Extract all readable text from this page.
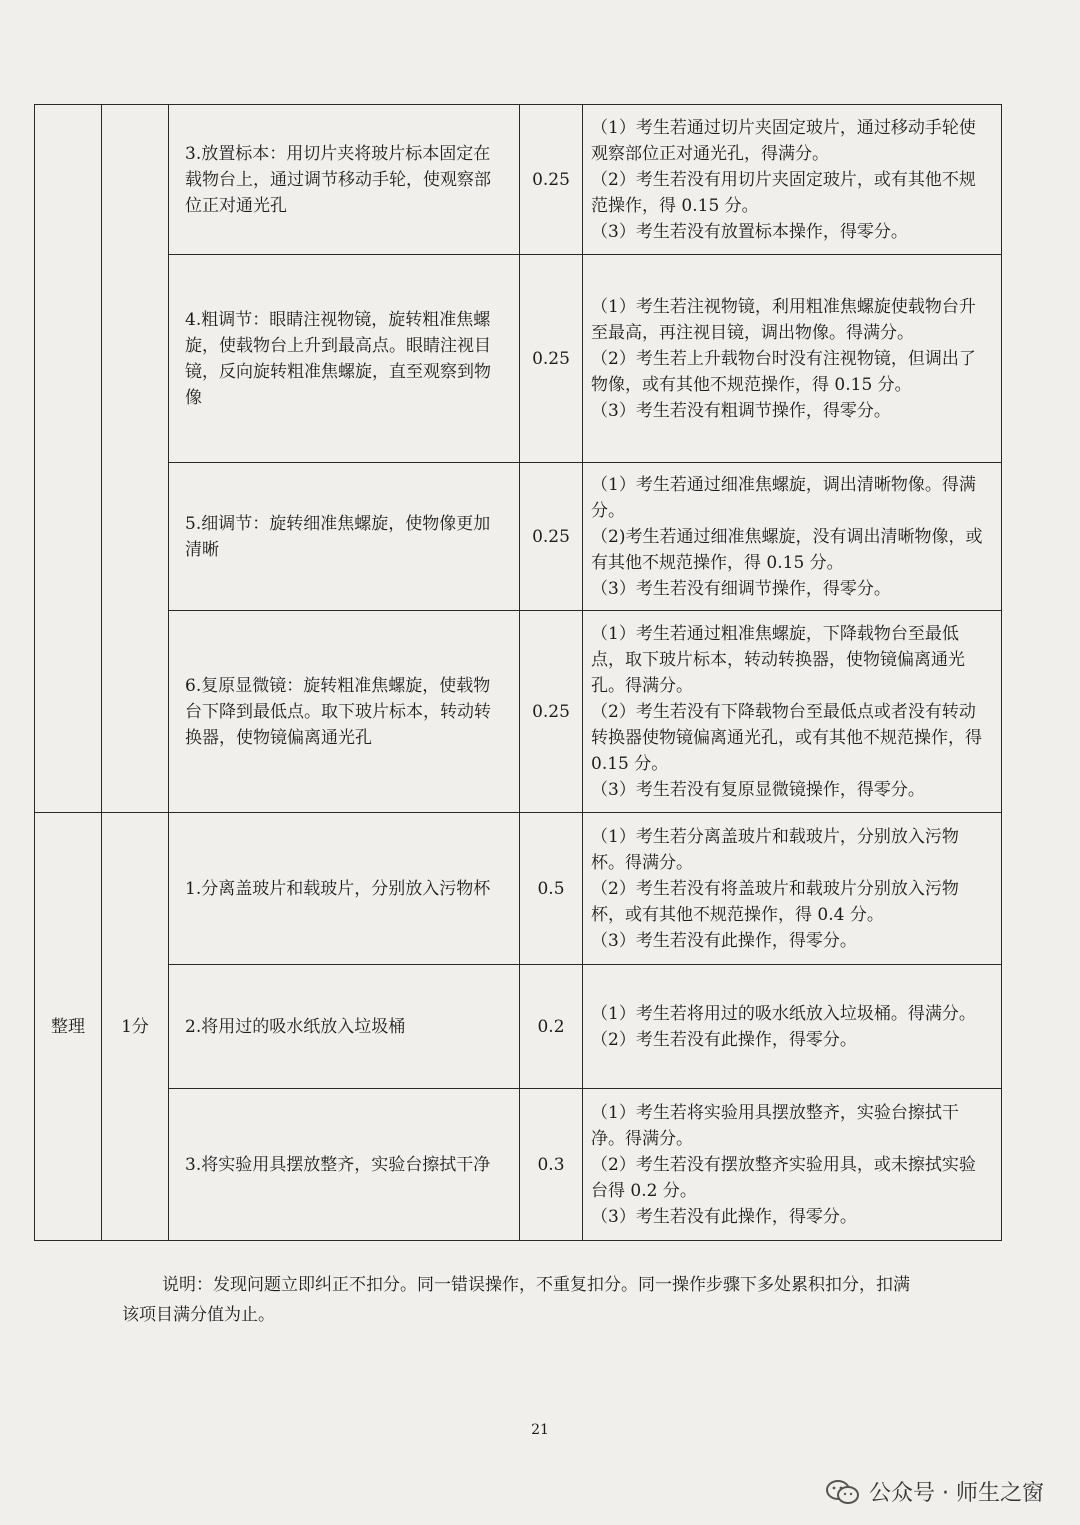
		3.放置标本：用切片夹将玻片标本固定在载物台上，通过调节移动手轮，使观察部位正对通光孔	0.25	（1）考生若通过切片夹固定玻片，通过移动手轮使观察部位正对通光孔，得满分。
（2）考生若没有用切片夹固定玻片，或有其他不规范操作，得 0.15 分。
（3）考生若没有放置标本操作，得零分。

		4.粗调节：眼睛注视物镜，旋转粗准焦螺旋，使载物台上升到最高点。眼睛注视目镜，反向旋转粗准焦螺旋，直至观察到物像	0.25	（1）考生若注视物镜，利用粗准焦螺旋使载物台升至最高，再注视目镜，调出物像。得满分。
（2）考生若上升载物台时没有注视物镜，但调出了物像，或有其他不规范操作，得 0.15 分。
（3）考生若没有粗调节操作，得零分。

		5.细调节：旋转细准焦螺旋，使物像更加清晰	0.25	（1）考生若通过细准焦螺旋，调出清晰物像。得满分。
（2)考生若通过细准焦螺旋，没有调出清晰物像，或有其他不规范操作，得 0.15 分。
（3）考生若没有细调节操作，得零分。

		6.复原显微镜：旋转粗准焦螺旋，使载物台下降到最低点。取下玻片标本，转动转换器，使物镜偏离通光孔	0.25	（1）考生若通过粗准焦螺旋，下降载物台至最低点，取下玻片标本，转动转换器，使物镜偏离通光孔。得满分。
（2）考生若没有下降载物台至最低点或者没有转动转换器使物镜偏离通光孔，或有其他不规范操作，得 0.15 分。
（3）考生若没有复原显微镜操作，得零分。

整理	1分	1.分离盖玻片和载玻片，分别放入污物杯	0.5	（1）考生若分离盖玻片和载玻片，分别放入污物杯。得满分。
（2）考生若没有将盖玻片和载玻片分别放入污物杯，或有其他不规范操作，得 0.4 分。
（3）考生若没有此操作，得零分。

		2.将用过的吸水纸放入垃圾桶	0.2	（1）考生若将用过的吸水纸放入垃圾桶。得满分。
（2）考生若没有此操作，得零分。

		3.将实验用具摆放整齐，实验台擦拭干净	0.3	（1）考生若将实验用具摆放整齐，实验台擦拭干净。得满分。
（2）考生若没有摆放整齐实验用具，或未擦拭实验台得 0.2 分。
（3）考生若没有此操作，得零分。
说明：发现问题立即纠正不扣分。同一错误操作，不重复扣分。同一操作步骤下多处累积扣分，扣满该项目满分值为止。
21
公众号 · 师生之窗
